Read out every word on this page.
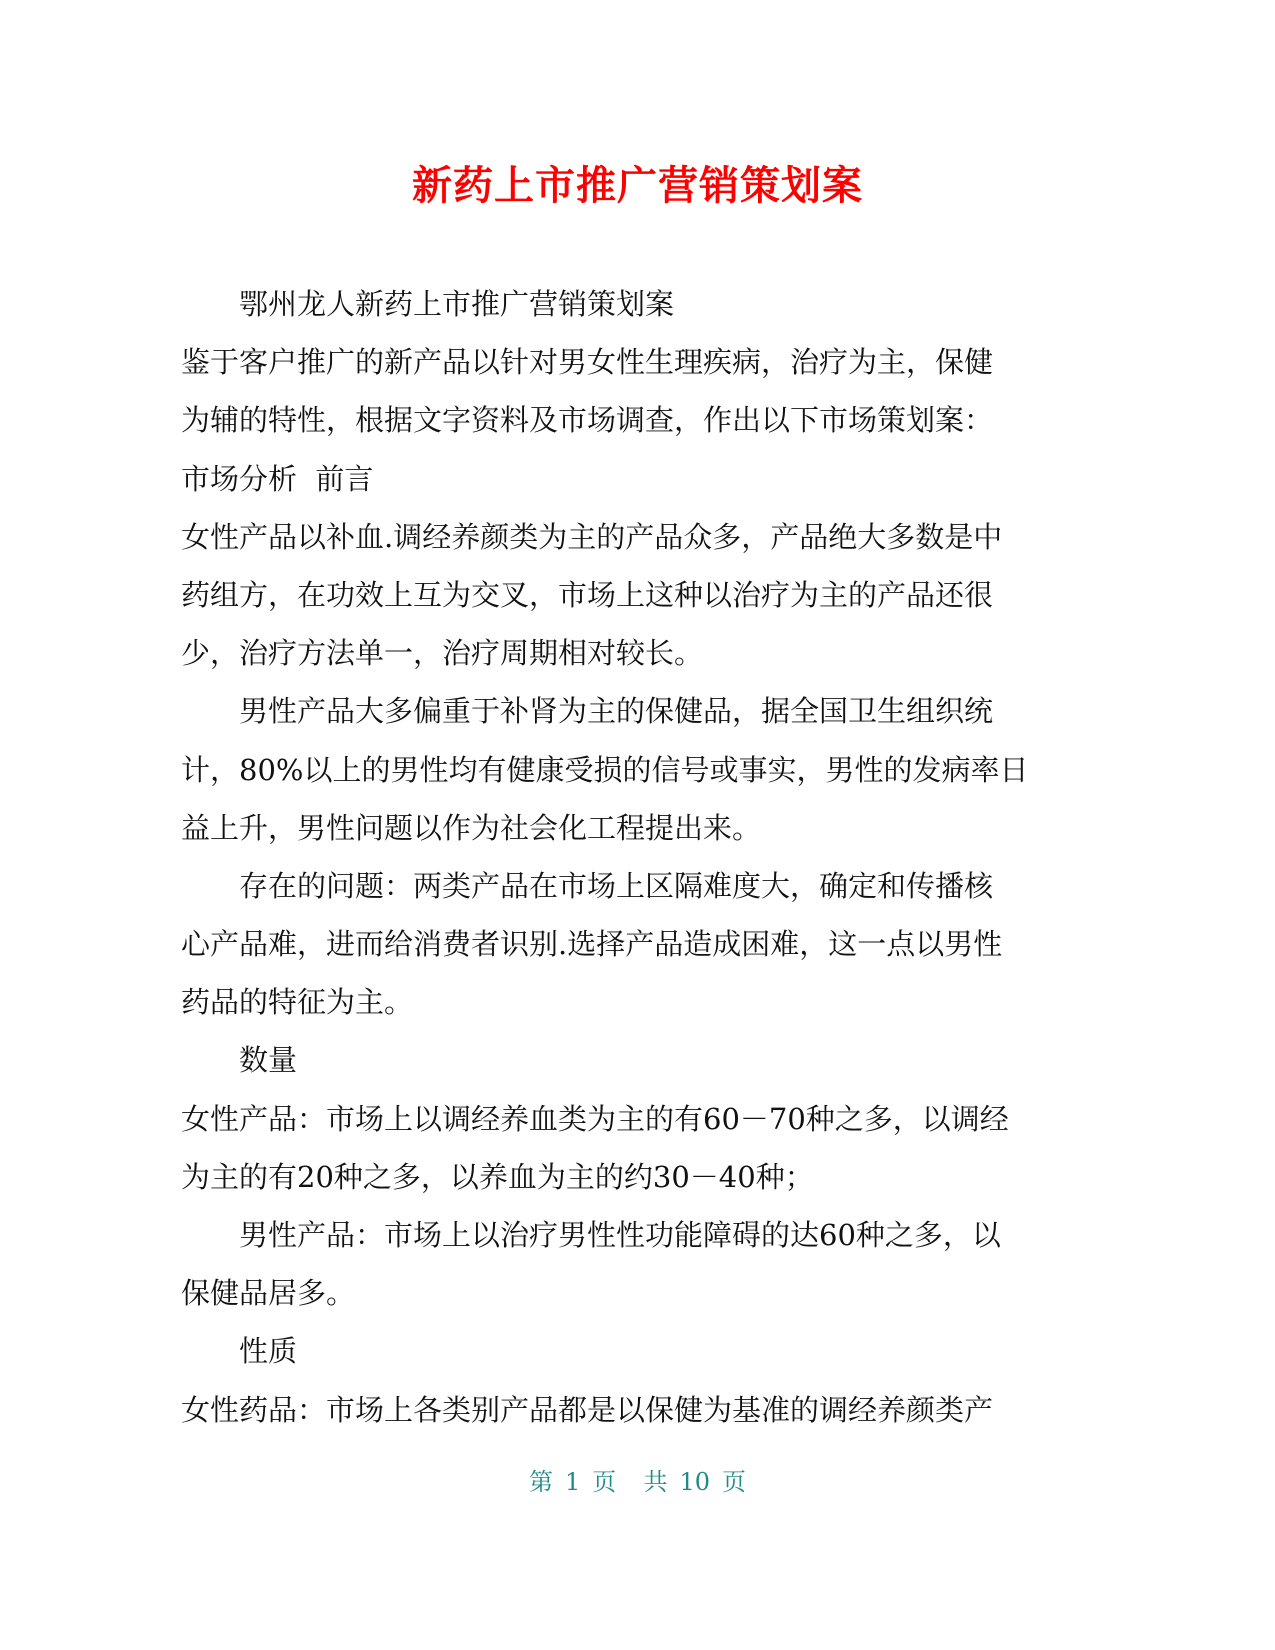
新药上市推广营销策划案
鄂州龙人新药上市推广营销策划案
鉴于客户推广的新产品以针对男女性生理疾病，治疗为主，保健
为辅的特性，根据文字资料及市场调查，作出以下市场策划案：
市场分析  前言
女性产品以补血.调经养颜类为主的产品众多，产品绝大多数是中
药组方，在功效上互为交叉，市场上这种以治疗为主的产品还很
少，治疗方法单一，治疗周期相对较长。
男性产品大多偏重于补肾为主的保健品，据全国卫生组织统
计，80%以上的男性均有健康受损的信号或事实，男性的发病率日
益上升，男性问题以作为社会化工程提出来。
存在的问题：两类产品在市场上区隔难度大，确定和传播核
心产品难，进而给消费者识别.选择产品造成困难，这一点以男性
药品的特征为主。
数量
女性产品：市场上以调经养血类为主的有60－70种之多，以调经
为主的有20种之多，以养血为主的约30－40种；
男性产品：市场上以治疗男性性功能障碍的达60种之多，以
保健品居多。
性质
女性药品：市场上各类别产品都是以保健为基准的调经养颜类产
第 1 页  共 10 页
